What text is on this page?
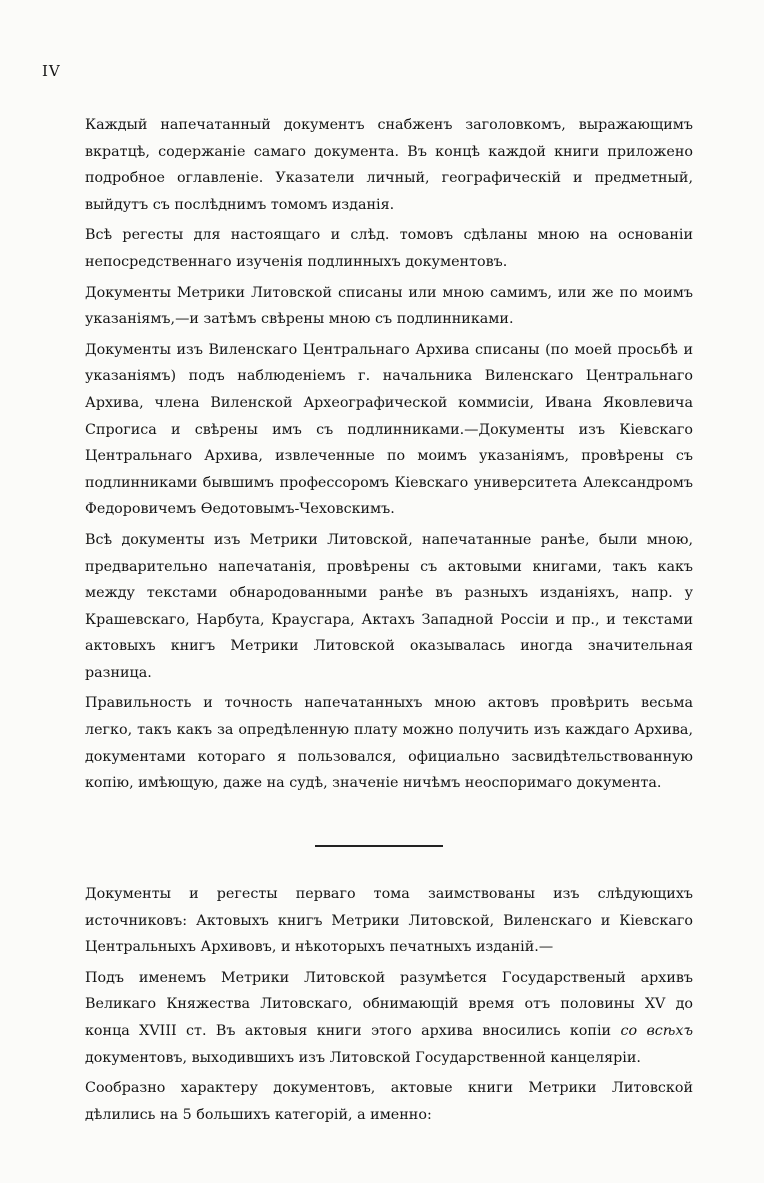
IV

Каждый напечатанный документъ снабженъ заголовкомъ, выражающимъ вкратцѣ, содержаніе самаго документа. Въ концѣ каждой книги приложено подробное оглавленіе. Указатели личный, географическій и предметный, выйдутъ съ послѣднимъ томомъ изданія.

Всѣ регесты для настоящаго и слѣд. томовъ сдѣланы мною на основаніи непосредственнаго изученія подлинныхъ документовъ.

Документы Метрики Литовской списаны или мною самимъ, или же по моимъ указаніямъ,—и затѣмъ свѣрены мною съ подлинниками.

Документы изъ Виленскаго Центральнаго Архива списаны (по моей просьбѣ и указаніямъ) подъ наблюденіемъ г. начальника Виленскаго Центральнаго Архива, члена Виленской Археографической коммисіи, Ивана Яковлевича Спрогиса и свѣрены имъ съ подлинниками.—Документы изъ Кіевскаго Центральнаго Архива, извлеченные по моимъ указаніямъ, провѣрены съ подлинниками бывшимъ профессоромъ Кіевскаго университета Александромъ Федоровичемъ Ѳедотовымъ-Чеховскимъ.

Всѣ документы изъ Метрики Литовской, напечатанные ранѣе, были мною, предварительно напечатанія, провѣрены съ актовыми книгами, такъ какъ между текстами обнародованными ранѣе въ разныхъ изданіяхъ, напр. у Крашевскаго, Нарбута, Краусгара, Актахъ Западной Россіи и пр., и текстами актовыхъ книгъ Метрики Литовской оказывалась иногда значительная разница.

Правильность и точность напечатанныхъ мною актовъ провѣрить весьма легко, такъ какъ за опредѣленную плату можно получить изъ каждаго Архива, документами котораго я пользовался, официально засвидѣтельствованную копію, имѣющую, даже на судѣ, значеніе ничѣмъ неоспоримаго документа.

Документы и регесты перваго тома заимствованы изъ слѣдующихъ источниковъ: Актовыхъ книгъ Метрики Литовской, Виленскаго и Кіевскаго Центральныхъ Архивовъ, и нѣкоторыхъ печатныхъ изданій.—

Подъ именемъ Метрики Литовской разумѣется Государственый архивъ Великаго Княжества Литовскаго, обнимающій время отъ половины XV до конца XVIII ст. Въ актовыя книги этого архива вносились копіи со всѣхъ документовъ, выходившихъ изъ Литовской Государственной канцеляріи.

Сообразно характеру документовъ, актовые книги Метрики Литовской дѣлились на 5 большихъ категорій, а именно:
